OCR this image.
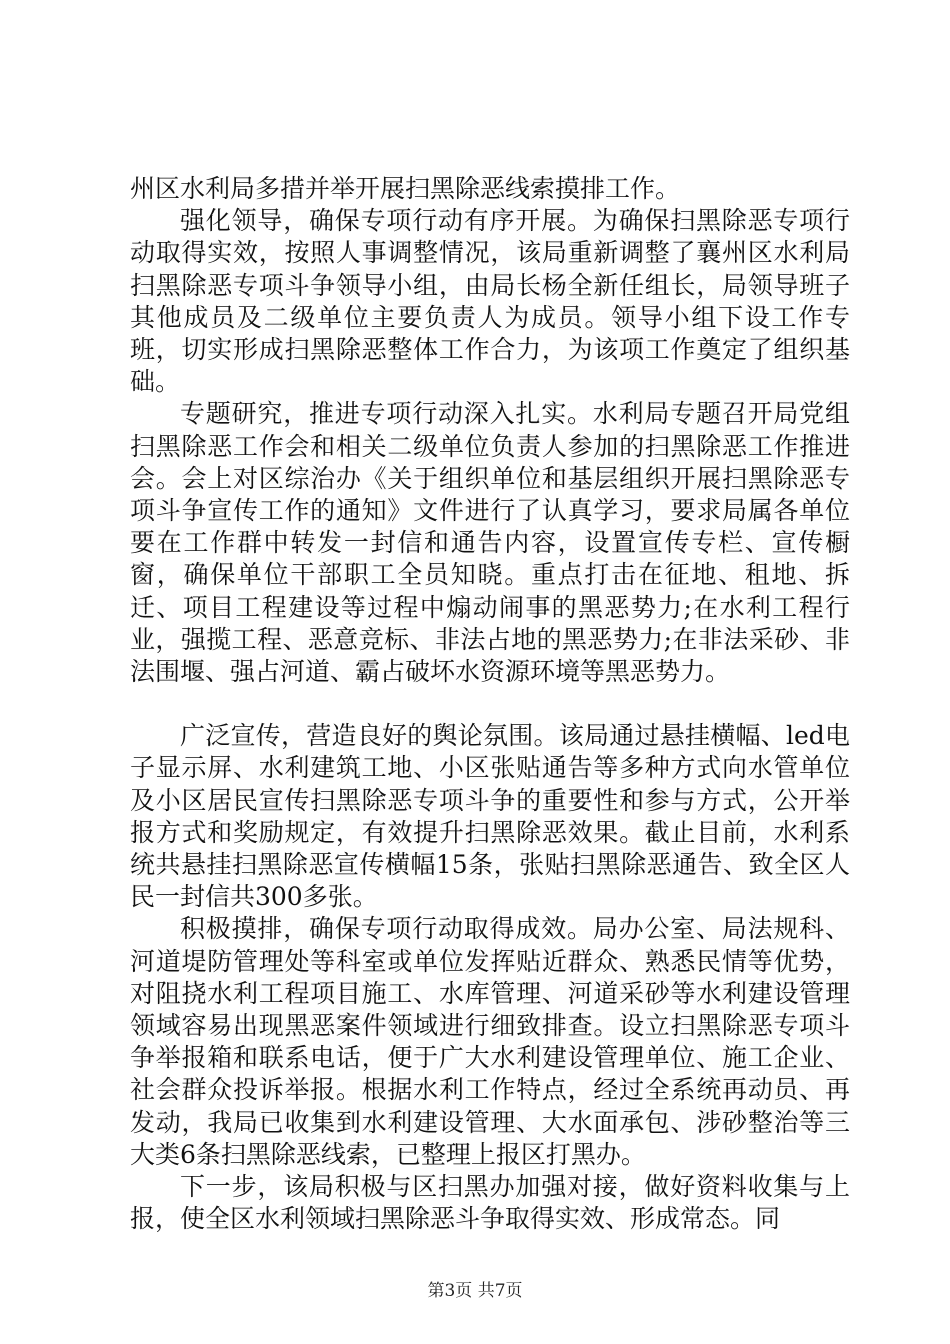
州区水利局多措并举开展扫黑除恶线索摸排工作。

强化领导，确保专项行动有序开展。为确保扫黑除恶专项行动取得实效，按照人事调整情况，该局重新调整了襄州区水利局扫黑除恶专项斗争领导小组，由局长杨全新任组长，局领导班子其他成员及二级单位主要负责人为成员。领导小组下设工作专班，切实形成扫黑除恶整体工作合力，为该项工作奠定了组织基础。

专题研究，推进专项行动深入扎实。水利局专题召开局党组扫黑除恶工作会和相关二级单位负责人参加的扫黑除恶工作推进会。会上对区综治办《关于组织单位和基层组织开展扫黑除恶专项斗争宣传工作的通知》文件进行了认真学习，要求局属各单位要在工作群中转发一封信和通告内容，设置宣传专栏、宣传橱窗，确保单位干部职工全员知晓。重点打击在征地、租地、拆迁、项目工程建设等过程中煽动闹事的黑恶势力;在水利工程行业，强揽工程、恶意竞标、非法占地的黑恶势力;在非法采砂、非法围堰、强占河道、霸占破坏水资源环境等黑恶势力。

广泛宣传，营造良好的舆论氛围。该局通过悬挂横幅、led电子显示屏、水利建筑工地、小区张贴通告等多种方式向水管单位及小区居民宣传扫黑除恶专项斗争的重要性和参与方式，公开举报方式和奖励规定，有效提升扫黑除恶效果。截止目前，水利系统共悬挂扫黑除恶宣传横幅15条，张贴扫黑除恶通告、致全区人民一封信共300多张。

积极摸排，确保专项行动取得成效。局办公室、局法规科、河道堤防管理处等科室或单位发挥贴近群众、熟悉民情等优势，对阻挠水利工程项目施工、水库管理、河道采砂等水利建设管理领域容易出现黑恶案件领域进行细致排查。设立扫黑除恶专项斗争举报箱和联系电话，便于广大水利建设管理单位、施工企业、社会群众投诉举报。根据水利工作特点，经过全系统再动员、再发动，我局已收集到水利建设管理、大水面承包、涉砂整治等三大类6条扫黑除恶线索，已整理上报区打黑办。

下一步，该局积极与区扫黑办加强对接，做好资料收集与上报，使全区水利领域扫黑除恶斗争取得实效、形成常态。同

第3页 共7页
